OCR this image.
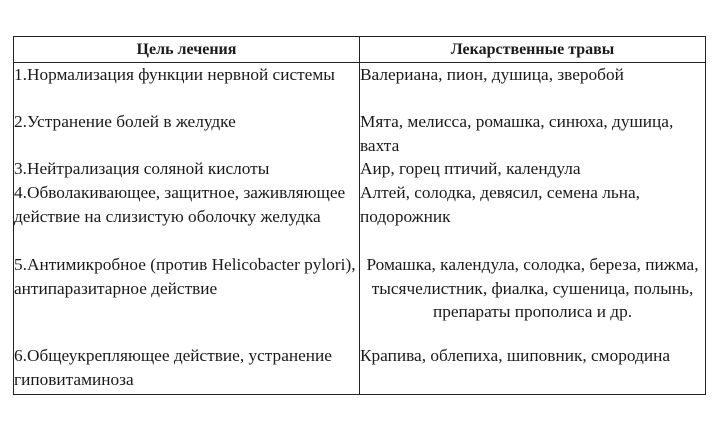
Цель лечения	Лекарственные травы
1.Нормализация функции нервной системы	Валериана, пион, душица, зверобой
2.Устранение болей в желудке	Мята, мелисса, ромашка, синюха, душица, вахта
3.Нейтрализация соляной кислоты	Аир, горец птичий, календула
4.Обволакивающее, защитное, заживляющее действие на слизистую оболочку желудка	Алтей, солодка, девясил, семена льна, подорожник
5.Антимикробное (против Helicobacter pylori), антипаразитарное действие	Ромашка, календула, солодка, береза, пижма, тысячелистник, фиалка, сушеница, полынь, препараты прополиса и др.
6.Общеукрепляющее действие, устранение гиповитаминоза	Крапива, облепиха, шиповник, смородина
